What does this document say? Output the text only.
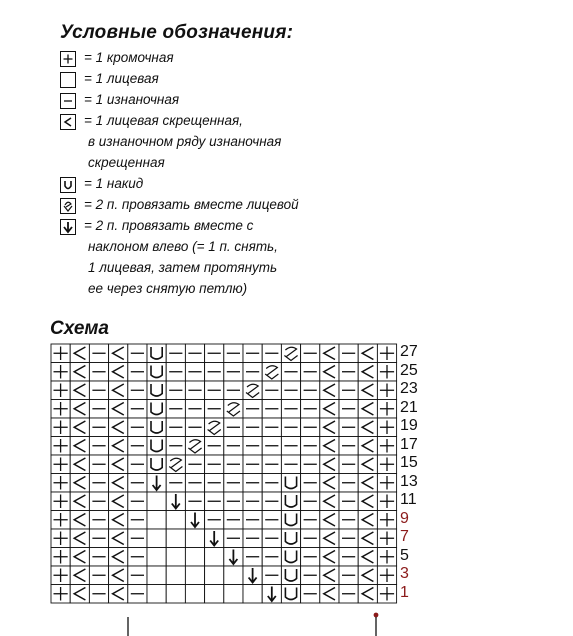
Условные обозначения:
= 1 кромочная
= 1 лицевая
= 1 изнаночная
= 1 лицевая скрещенная,
в изнаночном ряду изнаночная
скрещенная
= 1 накид
= 2 п. провязать вместе лицевой
= 2 п. провязать вместе с
наклоном влево (= 1 п. снять,
1 лицевая, затем протянуть
ее через снятую петлю)
Схема
27
25
23
21
19
17
15
13
11
9
7
5
3
1
